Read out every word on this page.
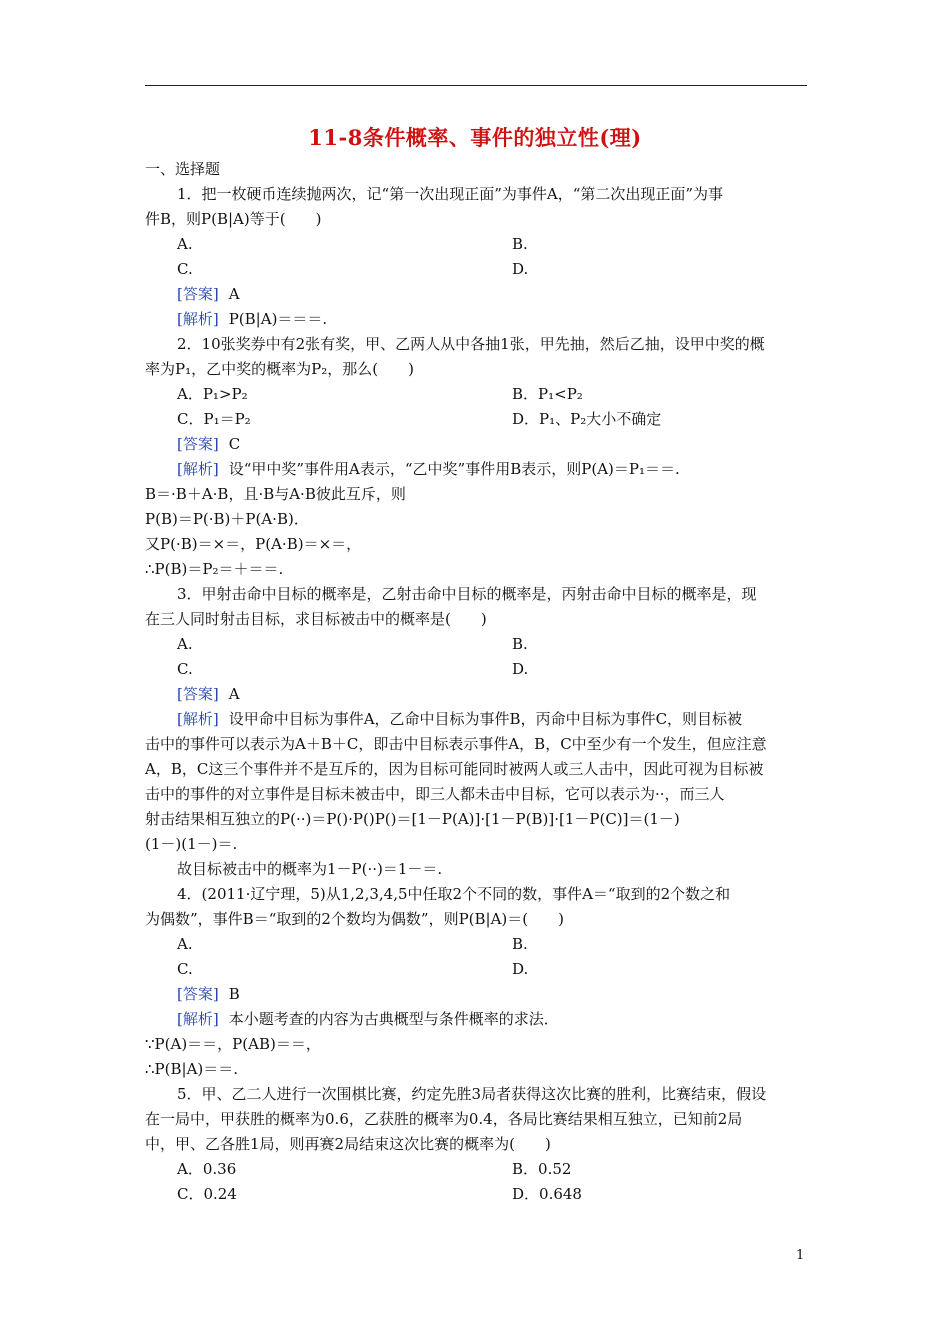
11-8条件概率、事件的独立性(理)
一、选择题
1．把一枚硬币连续抛两次，记“第一次出现正面”为事件A，“第二次出现正面”为事
件B，则P(B|A)等于(　　)
A.	B.
C.	D.
[答案] A
[解析] P(B|A)＝＝＝.
2．10张奖券中有2张有奖，甲、乙两人从中各抽1张，甲先抽，然后乙抽，设甲中奖的概
率为P₁，乙中奖的概率为P₂，那么(　　)
A．P₁>P₂	B．P₁<P₂
C．P₁＝P₂	D．P₁、P₂大小不确定
[答案] C
[解析] 设“甲中奖”事件用A表示，“乙中奖”事件用B表示，则P(A)＝P₁＝＝.
B＝·B＋A·B，且·B与A·B彼此互斥，则
P(B)＝P(·B)＋P(A·B)．
又P(·B)＝×＝，P(A·B)＝×＝，
∴P(B)＝P₂＝＋＝＝.
3．甲射击命中目标的概率是，乙射击命中目标的概率是，丙射击命中目标的概率是，现
在三人同时射击目标，求目标被击中的概率是(　　)
A.	B.
C.	D.
[答案] A
[解析] 设甲命中目标为事件A，乙命中目标为事件B，丙命中目标为事件C，则目标被
击中的事件可以表示为A＋B＋C，即击中目标表示事件A，B，C中至少有一个发生，但应注意
A，B，C这三个事件并不是互斥的，因为目标可能同时被两人或三人击中，因此可视为目标被
击中的事件的对立事件是目标未被击中，即三人都未击中目标，它可以表示为··，而三人
射击结果相互独立的P(··)＝P()·P()P()＝[1－P(A)]·[1－P(B)]·[1－P(C)]＝(1－)
(1－)(1－)＝.
故目标被击中的概率为1－P(··)＝1－＝.
4．(2011·辽宁理，5)从1,2,3,4,5中任取2个不同的数，事件A＝“取到的2个数之和
为偶数”，事件B＝“取到的2个数均为偶数”，则P(B|A)＝(　　)
A.	B.
C.	D.
[答案] B
[解析] 本小题考查的内容为古典概型与条件概率的求法．
∵P(A)＝＝，P(AB)＝＝，
∴P(B|A)＝＝.
5．甲、乙二人进行一次围棋比赛，约定先胜3局者获得这次比赛的胜利，比赛结束，假设
在一局中，甲获胜的概率为0.6，乙获胜的概率为0.4，各局比赛结果相互独立，已知前2局
中，甲、乙各胜1局，则再赛2局结束这次比赛的概率为(　　)
A．0.36	B．0.52
C．0.24	D．0.648
1
